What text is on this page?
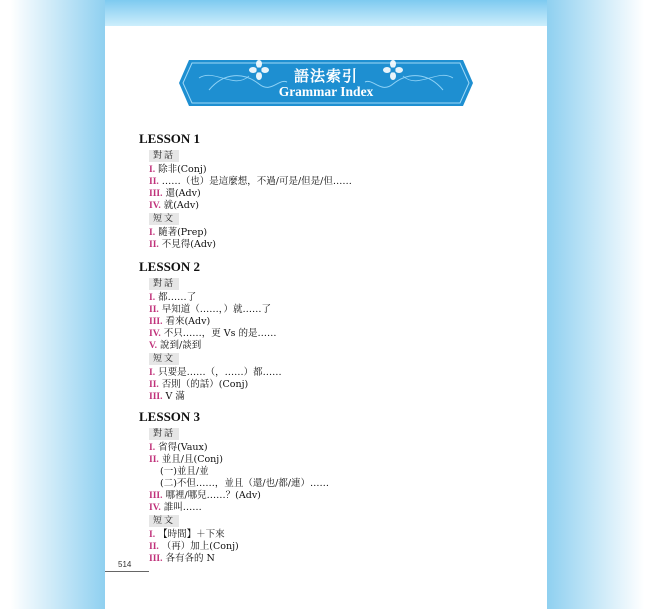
語法索引
Grammar Index
LESSON 1
對話
I. 除非(Conj)
II. ……（也）是這麼想，不過/可是/但是/但……
III. 還(Adv)
IV. 就(Adv)
短文
I. 隨著(Prep)
II. 不見得(Adv)
LESSON 2
對話
I. 都……了
II. 早知道（……，）就……了
III. 看來(Adv)
IV. 不只……，更 Vs 的是……
V. 說到/談到
短文
I. 只要是……（，……）都……
II. 否則（的話）(Conj)
III. V 滿
LESSON 3
對話
I. 省得(Vaux)
II. 並且/且(Conj)
(一)並且/並
(二)不但……，並且（還/也/都/連）……
III. 哪裡/哪兒……？(Adv)
IV. 誰叫……
短文
I. 【時間】＋下來
II. （再）加上(Conj)
III. 各有各的 N
514
